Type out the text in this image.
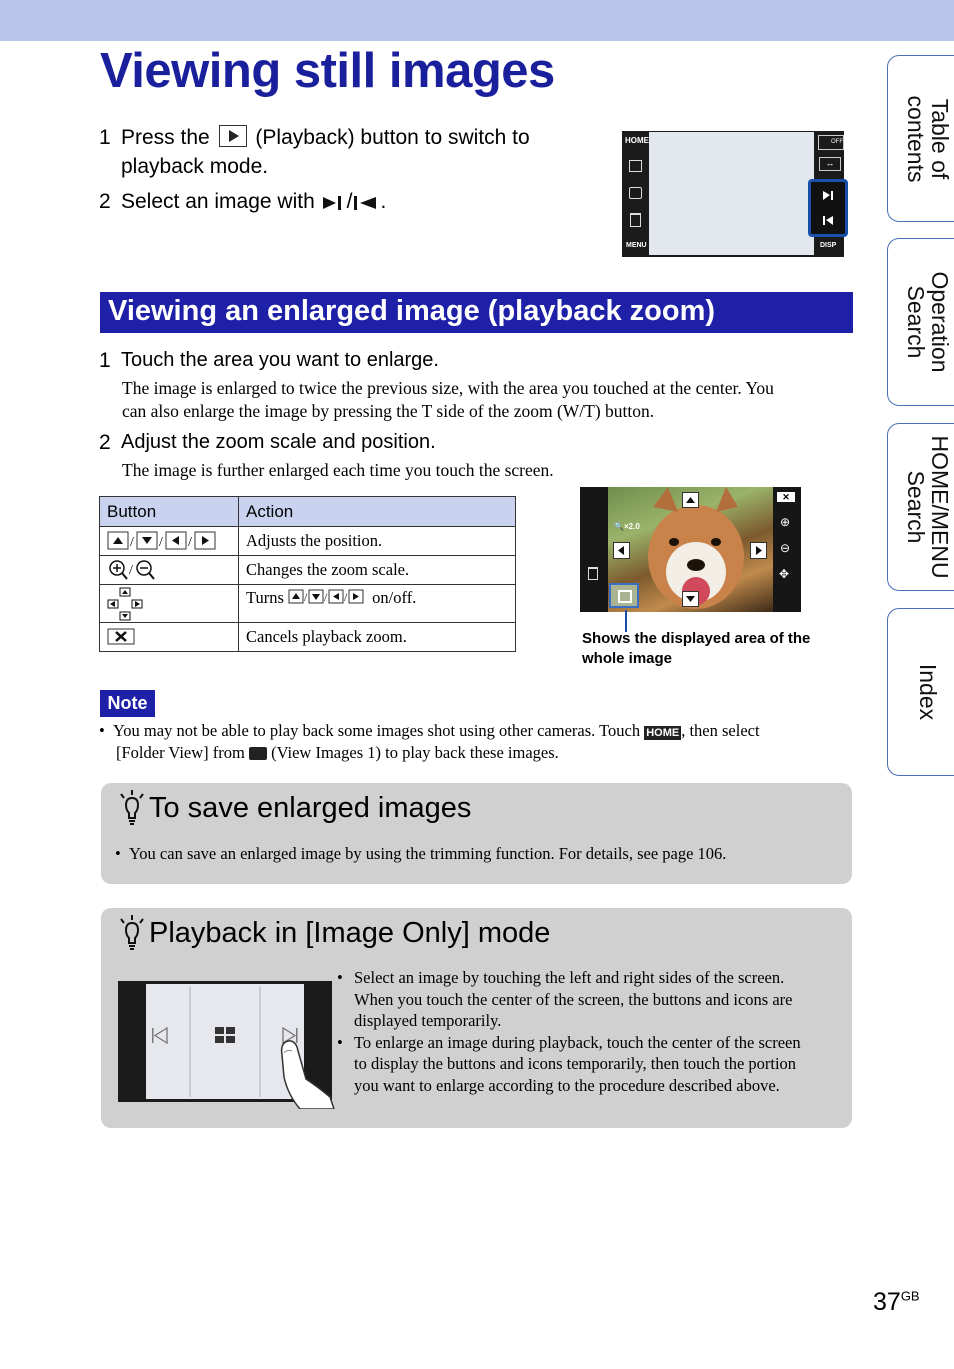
Viewing still images
1 Press the (Playback) button to switch to
playback mode.
2 Select an image with / .
HOME
MENU
OFF
↔
DISP
Viewing an enlarged image (playback zoom)
1 Touch the area you want to enlarge.
The image is enlarged to twice the previous size, with the area you touched at the center. You
can also enlarge the image by pressing the T side of the zoom (W/T) button.
2 Adjust the zoom scale and position.
The image is further enlarged each time you touch the screen.
Button	Action

/ / /	Adjusts the position.

/	Changes the zoom scale.
	Turns / / / on/off.
	Cancels playback zoom.
🔍×2.0
✕
⊕
⊖
✥
Shows the displayed area of the
whole image
Note
•  You may not be able to play back some images shot using other cameras. Touch HOME , then select
[Folder View] from (View Images 1) to play back these images.
To save enlarged images
•  You can save an enlarged image by using the trimming function. For details, see page 106.
Playback in [Image Only] mode
• Select an image by touching the left and right sides of the screen.
When you touch the center of the screen, the buttons and icons are
displayed temporarily.
• To enlarge an image during playback, touch the center of the screen
to display the buttons and icons temporarily, then touch the portion
you want to enlarge according to the procedure described above.
Table of
contents
Operation
Search
HOME/MENU
Search
Index
$37^{GB}$
